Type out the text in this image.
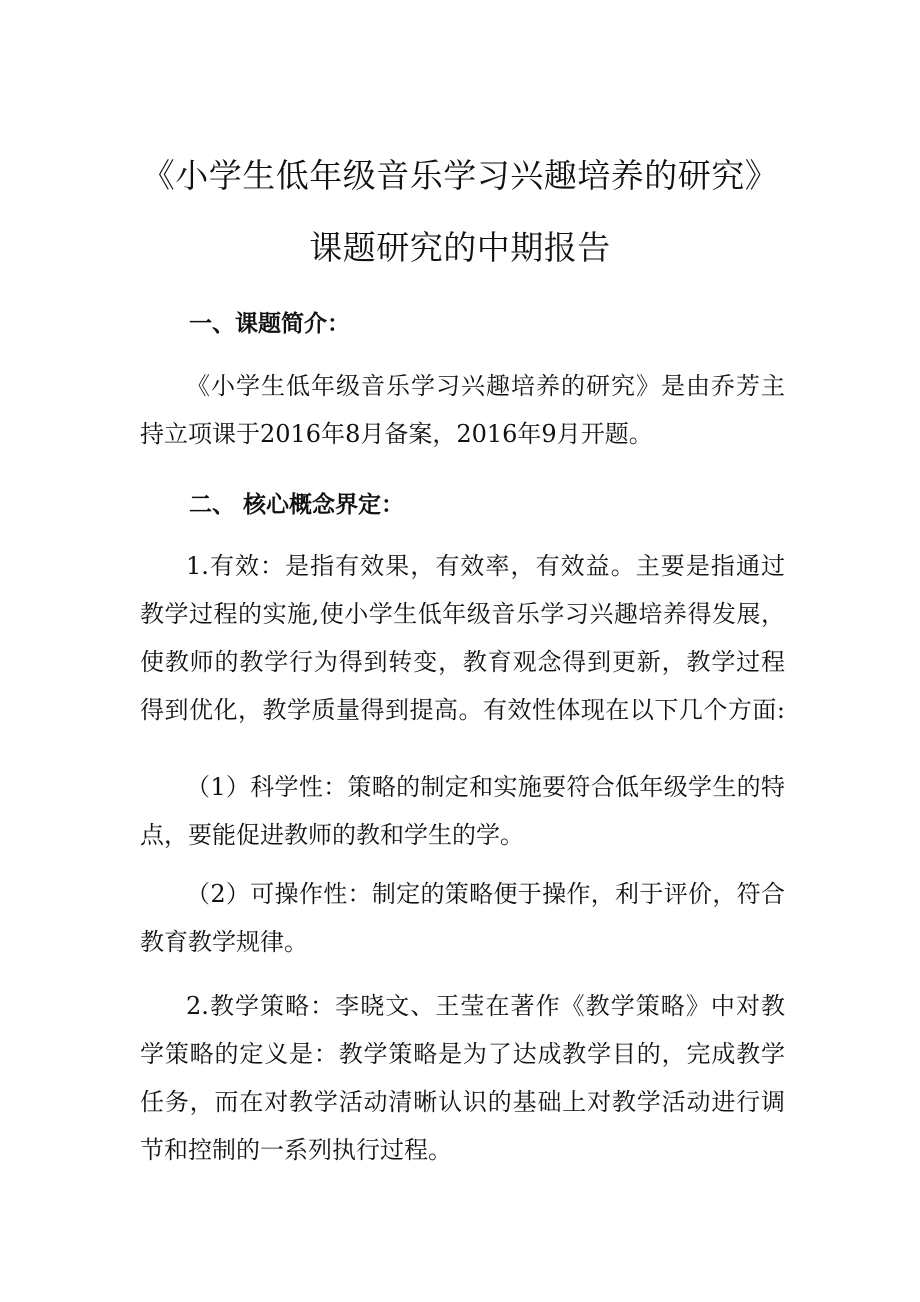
《小学生低年级音乐学习兴趣培养的研究》
课题研究的中期报告
一、课题简介：
《小学生低年级音乐学习兴趣培养的研究》是由乔芳主
持立项课于2016年8月备案，2016年9月开题。
二、 核心概念界定：
1.有效：是指有效果，有效率，有效益。主要是指通过
教学过程的实施,使小学生低年级音乐学习兴趣培养得发展，
使教师的教学行为得到转变，教育观念得到更新，教学过程
得到优化，教学质量得到提高。有效性体现在以下几个方面:
（1）科学性：策略的制定和实施要符合低年级学生的特
点，要能促进教师的教和学生的学。
（2）可操作性：制定的策略便于操作，利于评价，符合
教育教学规律。
2.教学策略：李晓文、王莹在著作《教学策略》中对教
学策略的定义是：教学策略是为了达成教学目的，完成教学
任务，而在对教学活动清晰认识的基础上对教学活动进行调
节和控制的一系列执行过程。
